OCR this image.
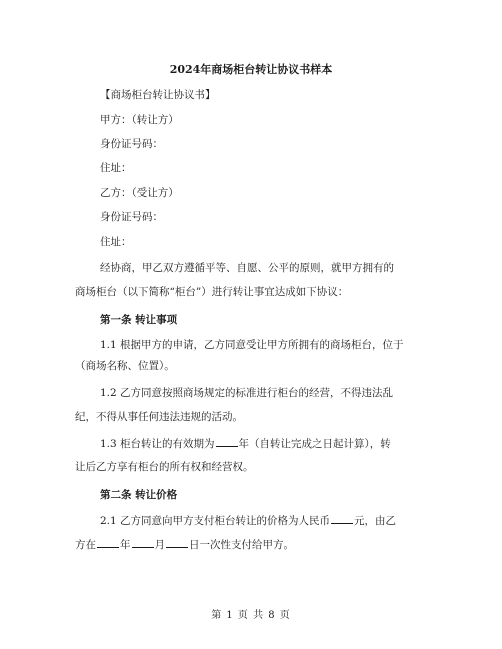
2024年商场柜台转让协议书样本
【商场柜台转让协议书】
甲方：（转让方）
身份证号码：
住址：
乙方：（受让方）
身份证号码：
住址：
经协商，甲乙双方遵循平等、自愿、公平的原则，就甲方拥有的
商场柜台（以下简称“柜台”）进行转让事宜达成如下协议：
第一条 转让事项
1.1 根据甲方的申请，乙方同意受让甲方所拥有的商场柜台，位于
（商场名称、位置）。
1.2 乙方同意按照商场规定的标准进行柜台的经营，不得违法乱
纪，不得从事任何违法违规的活动。
1.3 柜台转让的有效期为 年（自转让完成之日起计算），转
让后乙方享有柜台的所有权和经营权。
第二条 转让价格
2.1 乙方同意向甲方支付柜台转让的价格为人民币 元，由乙
方在 年 月 日一次性支付给甲方。
第 1 页 共 8 页
